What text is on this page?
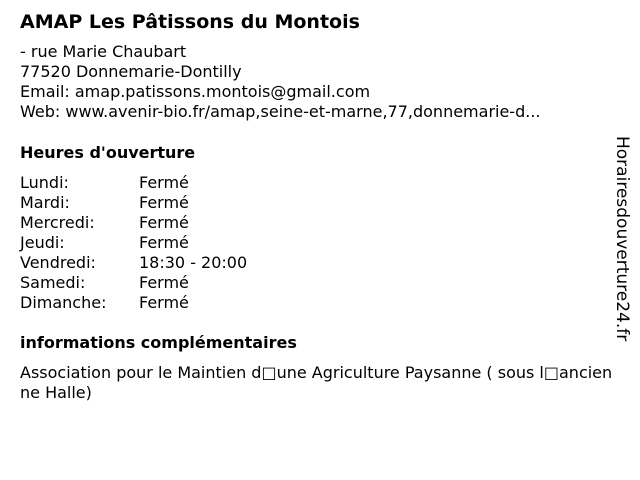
AMAP Les Pâtissons du Montois
- rue Marie Chaubart
77520 Donnemarie-Dontilly
Email: amap.patissons.montois@gmail.com
Web: www.avenir-bio.fr/amap,seine-et-marne,77,donnemarie-d...
Heures d'ouverture
Lundi:	Fermé
Mardi:	Fermé
Mercredi:	Fermé
Jeudi:	Fermé
Vendredi:	18:30 - 20:00
Samedi:	Fermé
Dimanche:	Fermé
informations complémentaires
Association pour le Maintien d□une Agriculture Paysanne ( sous l□ancienne Halle)
Horairesdouverture24.fr
